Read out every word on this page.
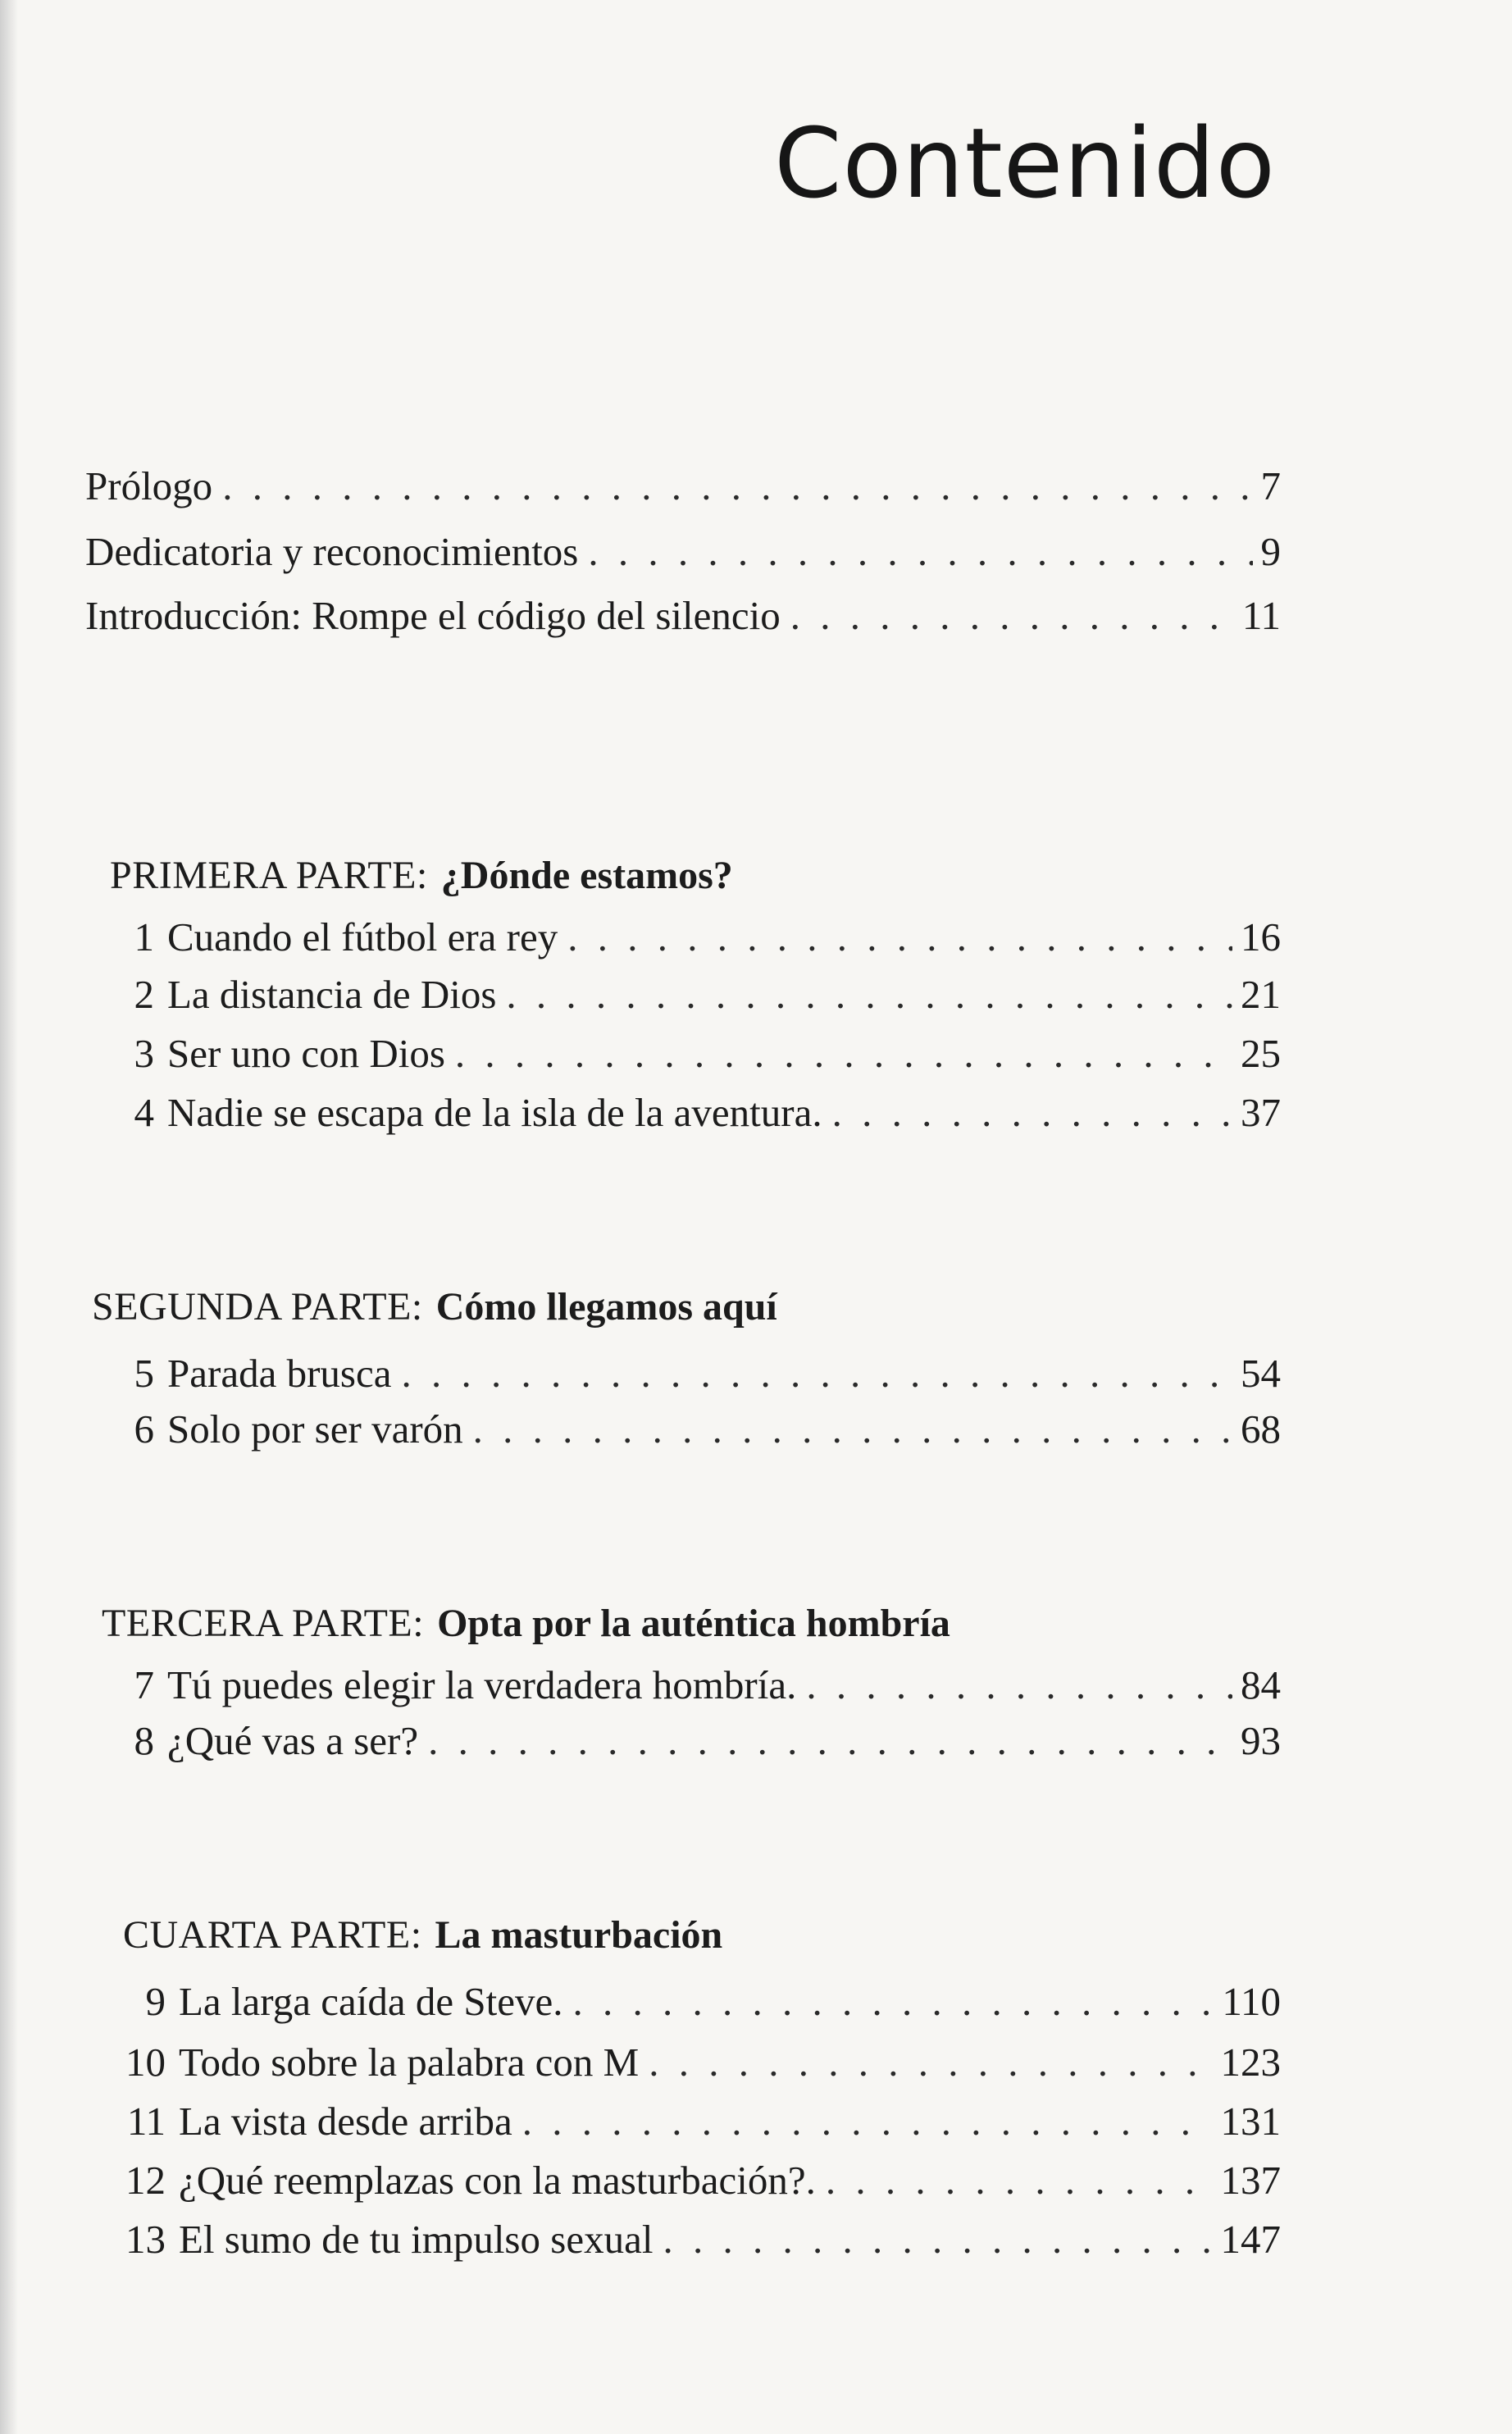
Contenido
Prólogo . . .	7
Dedicatoria y reconocimientos . . .	9
Introducción: Rompe el código del silencio . . .	11
PRIMERA PARTE: ¿Dónde estamos?
1 Cuando el fútbol era rey . . .	16
2 La distancia de Dios . . .	21
3 Ser uno con Dios . . .	25
4 Nadie se escapa de la isla de la aventura. . . .	37
SEGUNDA PARTE: Cómo llegamos aquí
5 Parada brusca . . .	54
6 Solo por ser varón . . .	68
TERCERA PARTE: Opta por la auténtica hombría
7 Tú puedes elegir la verdadera hombría. . . .	84
8 ¿Qué vas a ser? . . .	93
CUARTA PARTE: La masturbación
9 La larga caída de Steve. . . .	110
10 Todo sobre la palabra con M . . .	123
11 La vista desde arriba . . .	131
12 ¿Qué reemplazas con la masturbación?. . . .	137
13 El sumo de tu impulso sexual . . .	147
